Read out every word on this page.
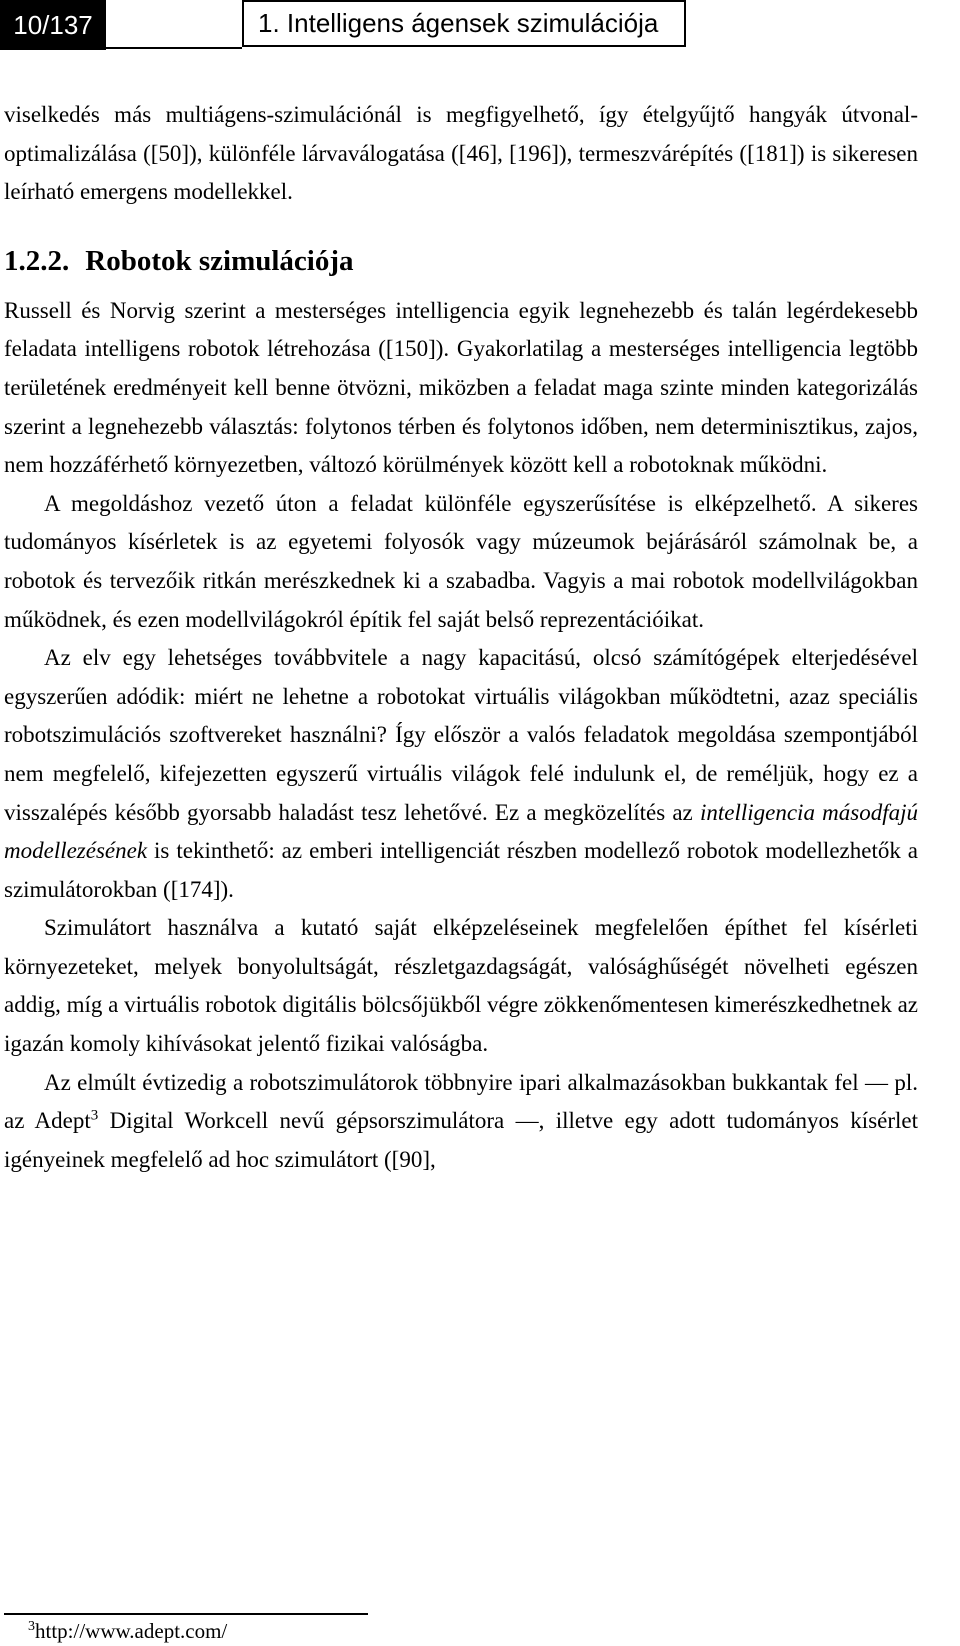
10/137	1. Intelligens ágensek szimulációja

viselkedés más multiágens-szimulációnál is megfigyelhető, így ételgyűjtő hangyák útvonal-optimalizálása ([50]), különféle lárvaválogatása ([46], [196]), termeszvárépítés ([181]) is sikeresen leírható emergens modellekkel.

1.2.2. Robotok szimulációja

Russell és Norvig szerint a mesterséges intelligencia egyik legnehezebb és talán legérdekesebb feladata intelligens robotok létrehozása ([150]). Gyakorlatilag a mesterséges intelligencia legtöbb területének eredményeit kell benne ötvözni, miközben a feladat maga szinte minden kategorizálás szerint a legnehezebb választás: folytonos térben és folytonos időben, nem determinisztikus, zajos, nem hozzáférhető környezetben, változó körülmények között kell a robotoknak működni.

A megoldáshoz vezető úton a feladat különféle egyszerűsítése is elképzelhető. A sikeres tudományos kísérletek is az egyetemi folyosók vagy múzeumok bejárásáról számolnak be, a robotok és tervezőik ritkán merészkednek ki a szabadba. Vagyis a mai robotok modellvilágokban működnek, és ezen modellvilágokról építik fel saját belső reprezentációikat.

Az elv egy lehetséges továbbvitele a nagy kapacitású, olcsó számítógépek elterjedésével egyszerűen adódik: miért ne lehetne a robotokat virtuális világokban működtetni, azaz speciális robotszimulációs szoftvereket használni? Így először a valós feladatok megoldása szempontjából nem megfelelő, kifejezetten egyszerű virtuális világok felé indulunk el, de reméljük, hogy ez a visszalépés később gyorsabb haladást tesz lehetővé. Ez a megközelítés az intelligencia másodfajú modellezésének is tekinthető: az emberi intelligenciát részben modellező robotok modellezhetők a szimulátorokban ([174]).

Szimulátort használva a kutató saját elképzeléseinek megfelelően építhet fel kísérleti környezeteket, melyek bonyolultságát, részletgazdagságát, valósághűségét növelheti egészen addig, míg a virtuális robotok digitális bölcsőjükből végre zökkenőmentesen kimerészkedhetnek az igazán komoly kihívásokat jelentő fizikai valóságba.

Az elmúlt évtizedig a robotszimulátorok többnyire ipari alkalmazásokban bukkantak fel — pl. az Adept$^3$ Digital Workcell nevű gépsorszimulátora —, illetve egy adott tudományos kísérlet igényeinek megfelelő ad hoc szimulátort ([90],

$^3$http://www.adept.com/
